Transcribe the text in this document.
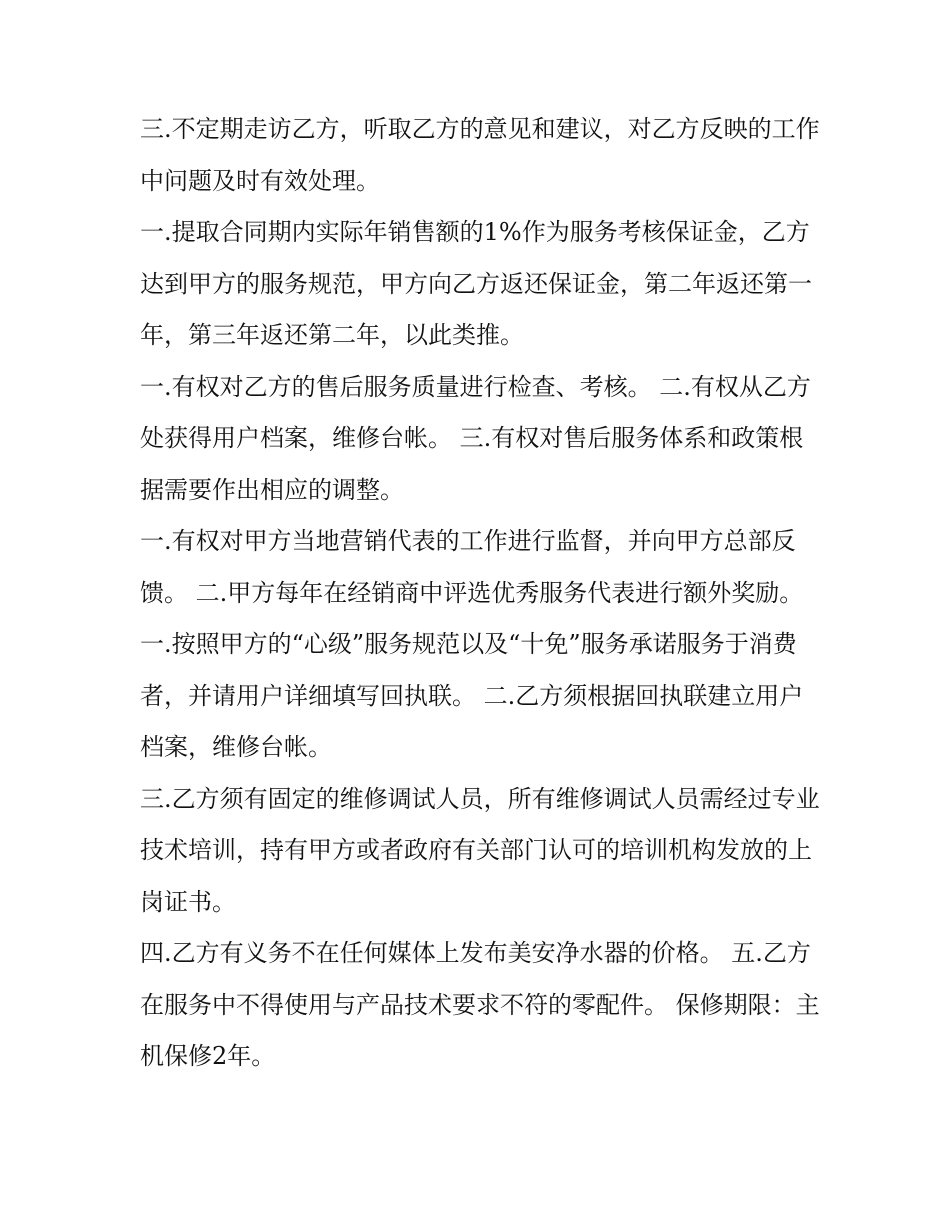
三.不定期走访乙方，听取乙方的意见和建议，对乙方反映的工作中问题及时有效处理。

一.提取合同期内实际年销售额的1%作为服务考核保证金，乙方达到甲方的服务规范，甲方向乙方返还保证金，第二年返还第一年，第三年返还第二年，以此类推。

一.有权对乙方的售后服务质量进行检查、考核。 二.有权从乙方处获得用户档案，维修台帐。 三.有权对售后服务体系和政策根据需要作出相应的调整。

一.有权对甲方当地营销代表的工作进行监督，并向甲方总部反馈。 二.甲方每年在经销商中评选优秀服务代表进行额外奖励。

一.按照甲方的“心级”服务规范以及“十免”服务承诺服务于消费者，并请用户详细填写回执联。 二.乙方须根据回执联建立用户档案，维修台帐。

三.乙方须有固定的维修调试人员，所有维修调试人员需经过专业技术培训，持有甲方或者政府有关部门认可的培训机构发放的上岗证书。

四.乙方有义务不在任何媒体上发布美安净水器的价格。 五.乙方在服务中不得使用与产品技术要求不符的零配件。 保修期限：主机保修2年。
